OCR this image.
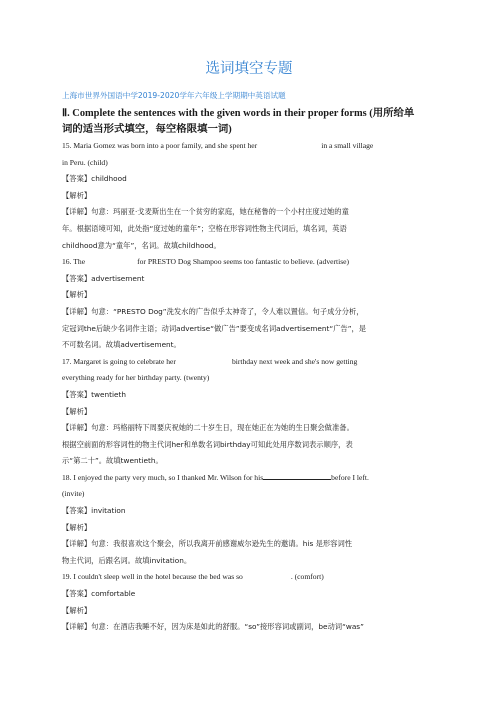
选词填空专题
上海市世界外国语中学2019-2020学年六年级上学期期中英语试题
Ⅱ. Complete the sentences with the given words in their proper forms (用所给单
词的适当形式填空，每空格限填一词)
15. Maria Gomez was born into a poor family, and she spent her	in a small village
in Peru. (child)
【答案】childhood
【解析】
【详解】句意：玛丽亚·戈麦斯出生在一个贫穷的家庭，她在秘鲁的一个小村庄度过她的童
年。根据语境可知，此处指“度过她的童年”；空格在形容词性物主代词后，填名词，英语
childhood意为“童年”，名词。故填childhood。
16. The	for PRESTO Dog Shampoo seems too fantastic to believe. (advertise)
【答案】advertisement
【解析】
【详解】句意：“PRESTO Dog”洗发水的广告似乎太神奇了，令人难以置信。句子成分分析，
定冠词the后缺少名词作主语；动词advertise“做广告”要变成名词advertisement“广告”，是
不可数名词。故填advertisement。
17. Margaret is going to celebrate her	birthday next week and she's now getting
everything ready for her birthday party. (twenty)
【答案】twentieth
【解析】
【详解】句意：玛格丽特下周要庆祝她的二十岁生日，现在她正在为她的生日聚会做准备。
根据空前面的形容词性的物主代词her和单数名词birthday可知此处用序数词表示顺序，表
示“第二十”。故填twentieth。
18. I enjoyed the party very much, so I thanked Mr. Wilson for his	before I left.
(invite)
【答案】invitation
【解析】
【详解】句意：我很喜欢这个聚会，所以我离开前感谢威尔逊先生的邀请。his 是形容词性
物主代词，后跟名词。故填invitation。
19. I couldn't sleep well in the hotel because the bed was so	. (comfort)
【答案】comfortable
【解析】
【详解】句意：在酒店我睡不好，因为床是如此的舒服。“so”接形容词或副词，be动词“was”
